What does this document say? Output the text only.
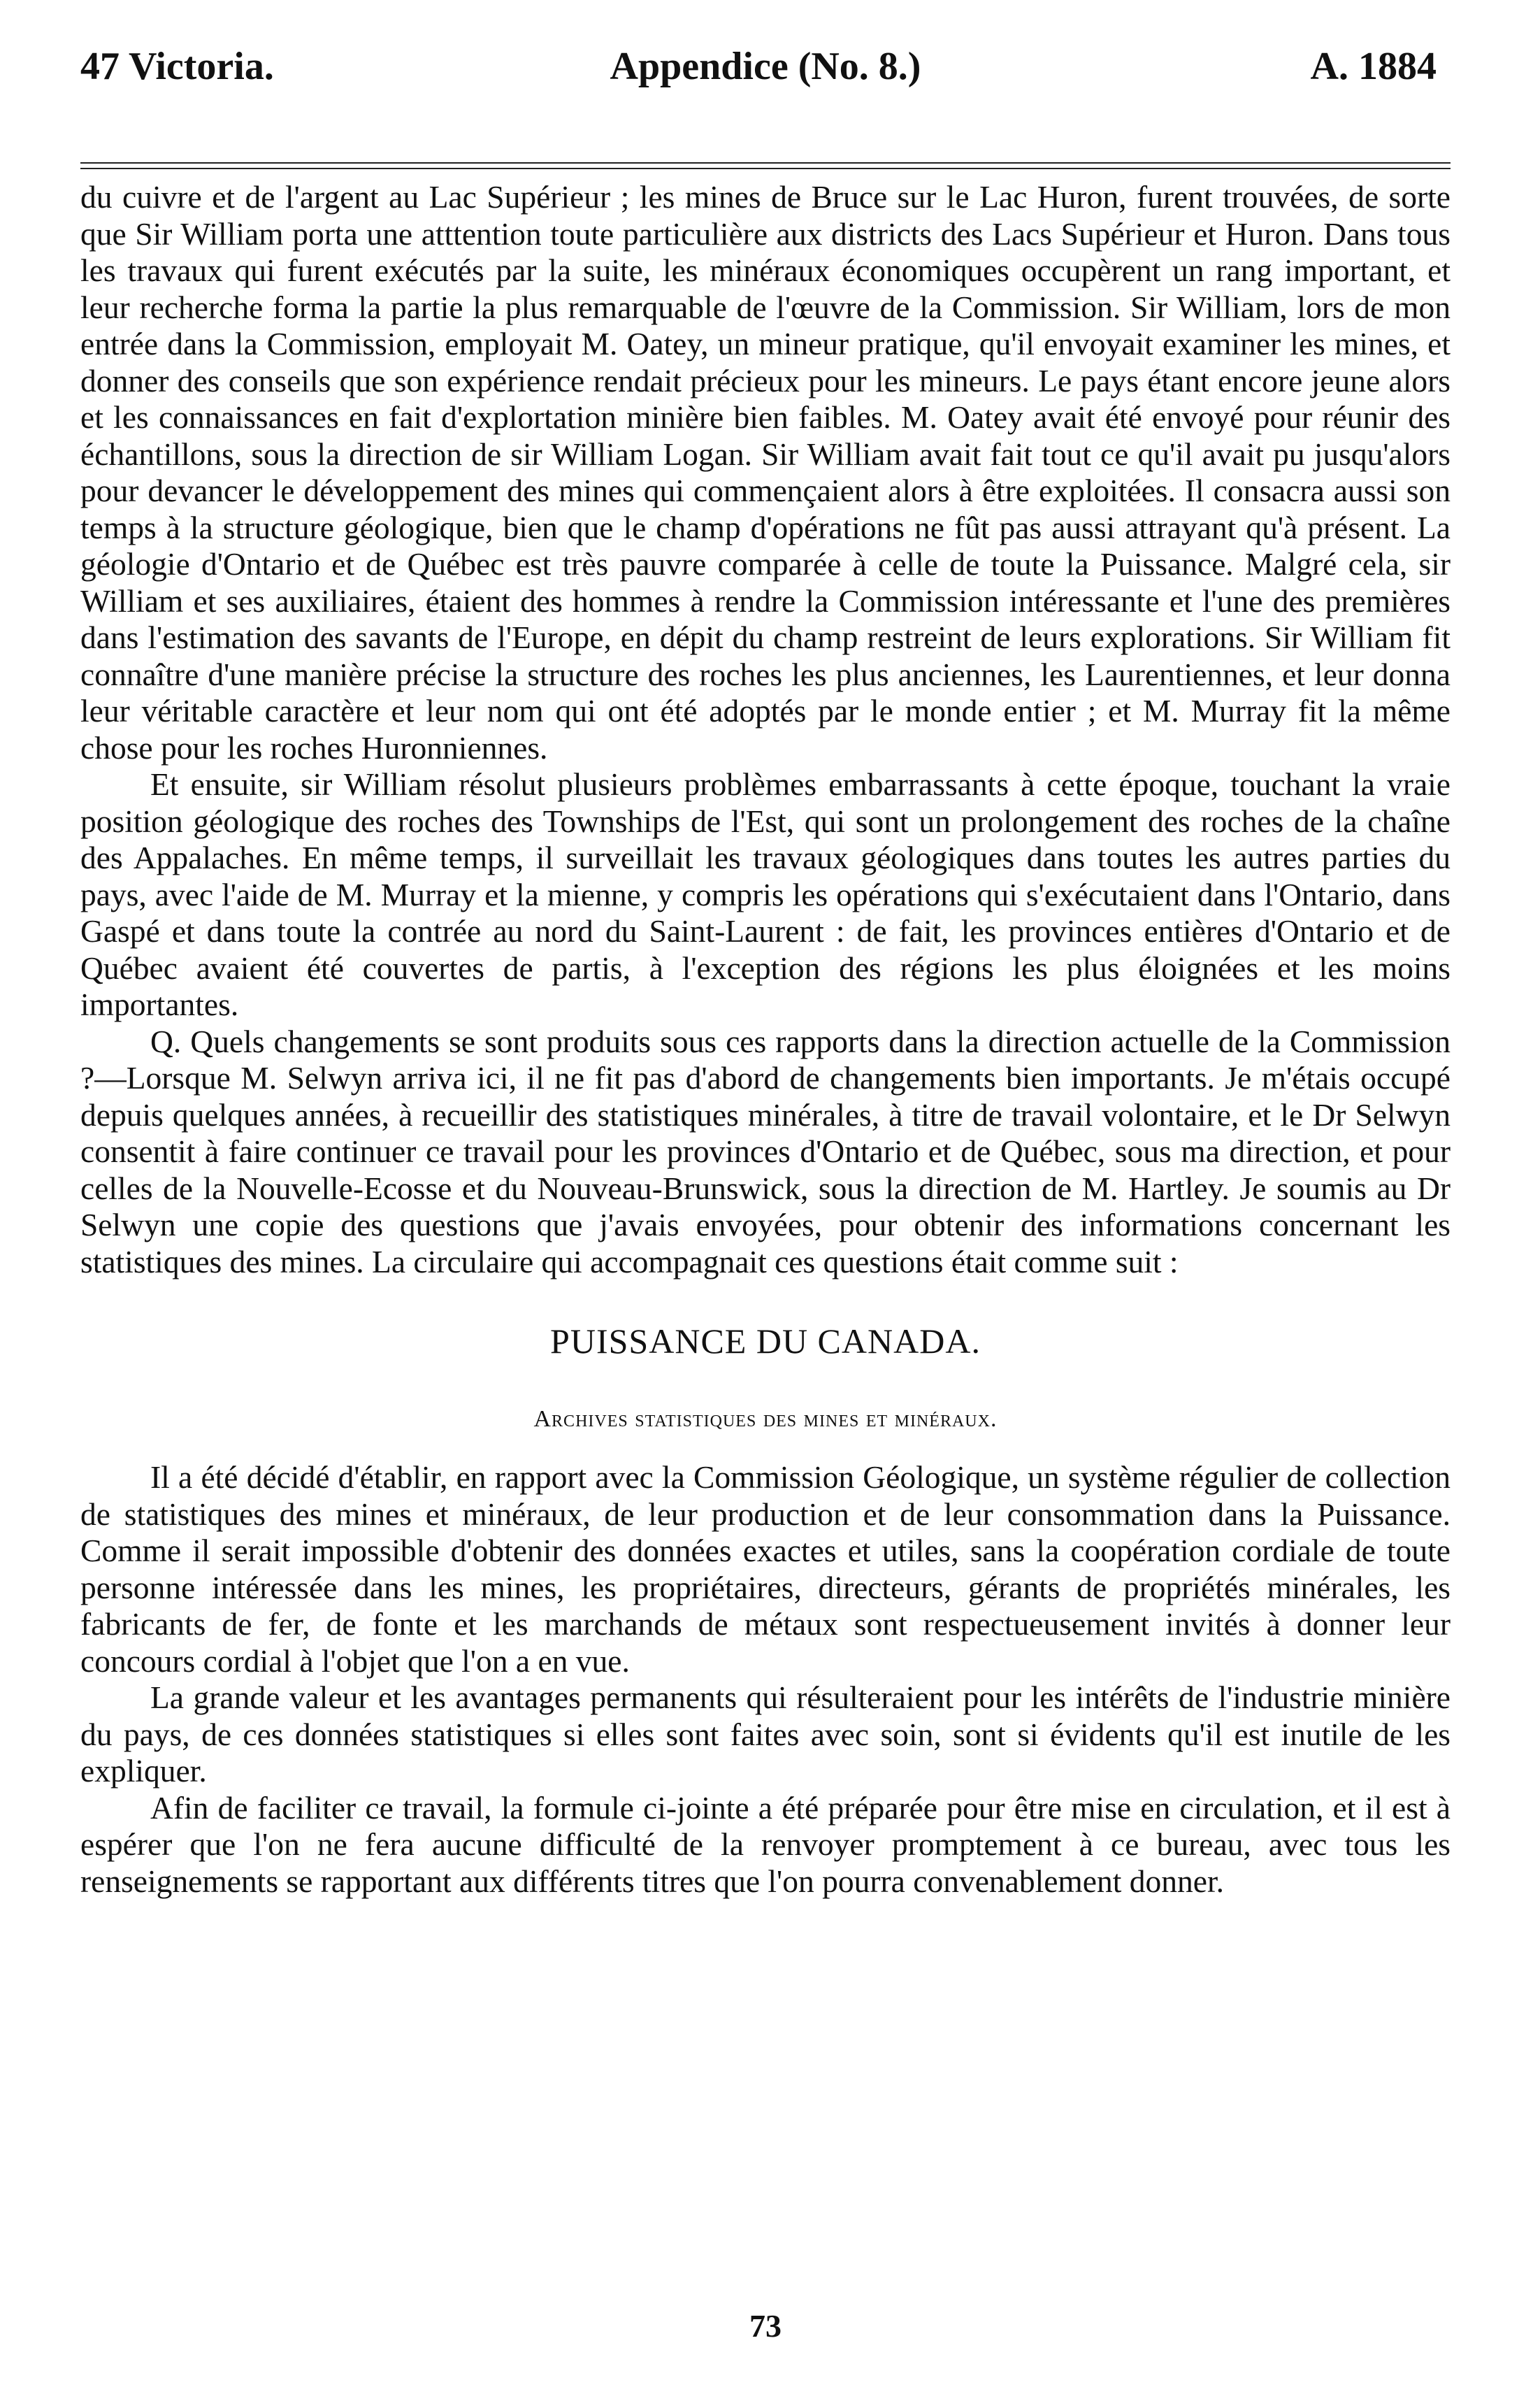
47 Victoria.	Appendice (No. 8.)	A. 1884

du cuivre et de l'argent au Lac Supérieur ; les mines de Bruce sur le Lac Huron, furent trouvées, de sorte que Sir William porta une atttention toute particulière aux districts des Lacs Supérieur et Huron. Dans tous les travaux qui furent exécutés par la suite, les minéraux économiques occupèrent un rang important, et leur recherche forma la partie la plus remarquable de l'œuvre de la Commission. Sir William, lors de mon entrée dans la Commission, employait M. Oatey, un mineur pratique, qu'il envoyait examiner les mines, et donner des conseils que son expérience rendait précieux pour les mineurs. Le pays étant encore jeune alors et les connaissances en fait d'explortation minière bien faibles. M. Oatey avait été envoyé pour réunir des échantillons, sous la direction de sir William Logan. Sir William avait fait tout ce qu'il avait pu jusqu'alors pour devancer le développement des mines qui commençaient alors à être exploitées. Il consacra aussi son temps à la structure géologique, bien que le champ d'opérations ne fût pas aussi attrayant qu'à présent. La géologie d'Ontario et de Québec est très pauvre comparée à celle de toute la Puissance. Malgré cela, sir William et ses auxiliaires, étaient des hommes à rendre la Commission intéressante et l'une des premières dans l'estimation des savants de l'Europe, en dépit du champ restreint de leurs explorations. Sir William fit connaître d'une manière précise la structure des roches les plus anciennes, les Laurentiennes, et leur donna leur véritable caractère et leur nom qui ont été adoptés par le monde entier ; et M. Murray fit la même chose pour les roches Huronniennes.

Et ensuite, sir William résolut plusieurs problèmes embarrassants à cette époque, touchant la vraie position géologique des roches des Townships de l'Est, qui sont un prolongement des roches de la chaîne des Appalaches. En même temps, il surveillait les travaux géologiques dans toutes les autres parties du pays, avec l'aide de M. Murray et la mienne, y compris les opérations qui s'exécutaient dans l'Ontario, dans Gaspé et dans toute la contrée au nord du Saint-Laurent : de fait, les provinces entières d'Ontario et de Québec avaient été couvertes de partis, à l'exception des régions les plus éloignées et les moins importantes.

Q. Quels changements se sont produits sous ces rapports dans la direction actuelle de la Commission ?—Lorsque M. Selwyn arriva ici, il ne fit pas d'abord de changements bien importants. Je m'étais occupé depuis quelques années, à recueillir des statistiques minérales, à titre de travail volontaire, et le Dr Selwyn consentit à faire continuer ce travail pour les provinces d'Ontario et de Québec, sous ma direction, et pour celles de la Nouvelle-Ecosse et du Nouveau-Brunswick, sous la direction de M. Hartley. Je soumis au Dr Selwyn une copie des questions que j'avais envoyées, pour obtenir des informations concernant les statistiques des mines. La circulaire qui accompagnait ces questions était comme suit :

PUISSANCE DU CANADA.
Archives statistiques des mines et minéraux.

Il a été décidé d'établir, en rapport avec la Commission Géologique, un système régulier de collection de statistiques des mines et minéraux, de leur production et de leur consommation dans la Puissance. Comme il serait impossible d'obtenir des données exactes et utiles, sans la coopération cordiale de toute personne intéressée dans les mines, les propriétaires, directeurs, gérants de propriétés minérales, les fabricants de fer, de fonte et les marchands de métaux sont respectueusement invités à donner leur concours cordial à l'objet que l'on a en vue.

La grande valeur et les avantages permanents qui résulteraient pour les intérêts de l'industrie minière du pays, de ces données statistiques si elles sont faites avec soin, sont si évidents qu'il est inutile de les expliquer.

Afin de faciliter ce travail, la formule ci-jointe a été préparée pour être mise en circulation, et il est à espérer que l'on ne fera aucune difficulté de la renvoyer promptement à ce bureau, avec tous les renseignements se rapportant aux différents titres que l'on pourra convenablement donner.

73
